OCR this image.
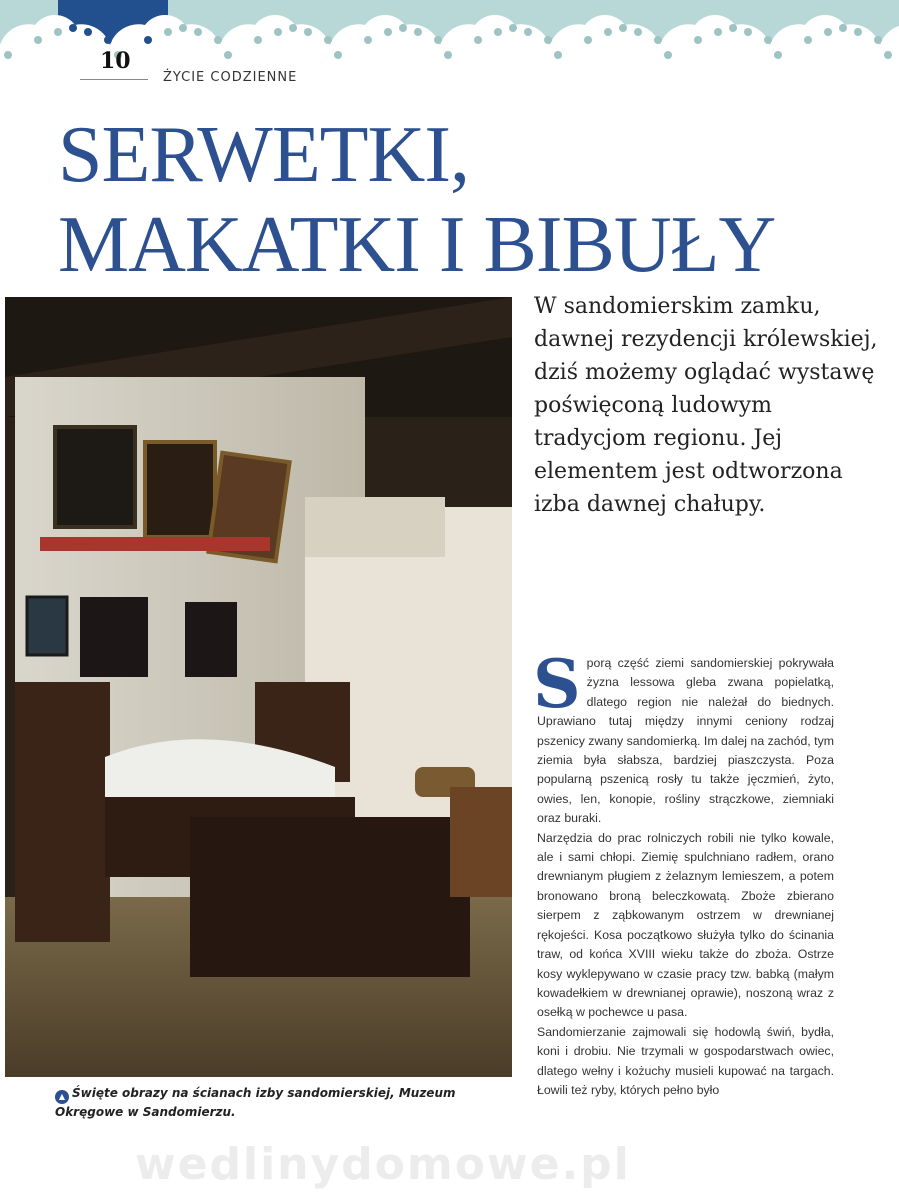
10
ŻYCIE CODZIENNE
SERWETKI,
MAKATKI I BIBUŁY
W sandomierskim zamku, dawnej rezydencji królewskiej, dziś możemy oglądać wystawę poświęconą ludowym tradycjom regionu. Jej elementem jest odtworzona izba dawnej chałupy.

Sporą część ziemi sandomierskiej pokrywała żyzna lessowa gleba zwana popielatką, dlatego region nie należał do biednych. Uprawiano tutaj między innymi ceniony rodzaj pszenicy zwany sandomierką. Im dalej na zachód, tym ziemia była słabsza, bardziej piaszczysta. Poza popularną pszenicą rosły tu także jęczmień, żyto, owies, len, konopie, rośliny strączkowe, ziemniaki oraz buraki.

Narzędzia do prac rolniczych robili nie tylko kowale, ale i sami chłopi. Ziemię spulchniano radłem, orano drewnianym pługiem z żelaznym lemieszem, a potem bronowano broną beleczkowatą. Zboże zbierano sierpem z ząbkowanym ostrzem w drewnianej rękojeści. Kosa początkowo służyła tylko do ścinania traw, od końca XVIII wieku także do zboża. Ostrze kosy wyklepywano w czasie pracy tzw. babką (małym kowadełkiem w drewnianej oprawie), noszoną wraz z osełką w pochewce u pasa.

Sandomierzanie zajmowali się hodowlą świń, bydła, koni i drobiu. Nie trzymali w gospodarstwach owiec, dlatego wełny i kożuchy musieli kupować na targach. Łowili też ryby, których pełno było

▲ Święte obrazy na ścianach izby sandomierskiej, Muzeum Okręgowe w Sandomierzu.
wedlinydomowe.pl
